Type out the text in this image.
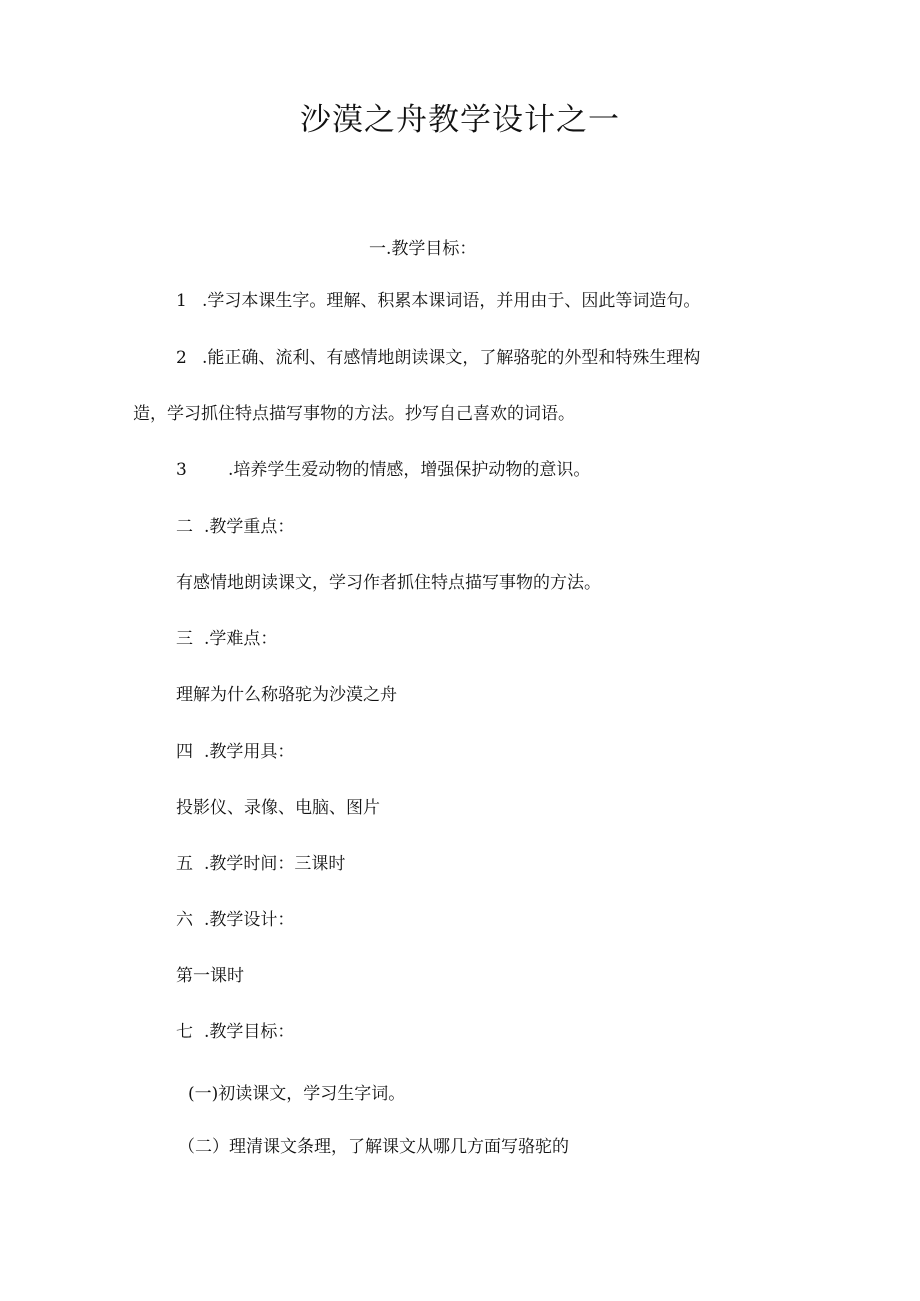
沙漠之舟教学设计之一
一.教学目标：
1 .学习本课生字。理解、积累本课词语，并用由于、因此等词造句。
2 .能正确、流利、有感情地朗读课文，了解骆驼的外型和特殊生理构
造，学习抓住特点描写事物的方法。抄写自己喜欢的词语。
3 .培养学生爱动物的情感，增强保护动物的意识。
二 .教学重点：
有感情地朗读课文，学习作者抓住特点描写事物的方法。
三 .学难点：
理解为什么称骆驼为沙漠之舟
四 .教学用具：
投影仪、录像、电脑、图片
五 .教学时间：三课时
六 .教学设计：
第一课时
七 .教学目标：
(一)初读课文，学习生字词。
（二）理清课文条理，了解课文从哪几方面写骆驼的
